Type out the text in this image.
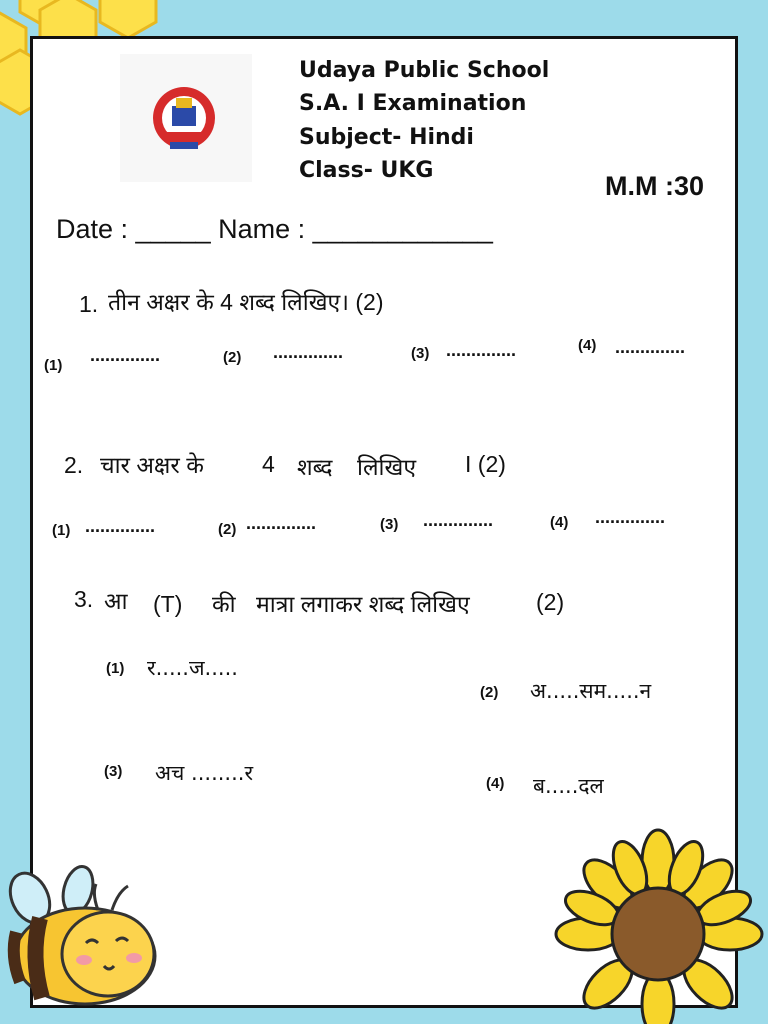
Udaya Public School
S.A. I Examination
Subject- Hindi
Class- UKG
M.M :30
Date : _____ Name : ____________
1. तीन अक्षर के 4 शब्द लिखिए। (2)
(1)
..............	(2) ..............	(3) ..............	(4) ..............
2. चार अक्षर के	4 शब्द लिखिए I (2)
(1) ..............	(2) ..............	(3) ..............	(4) ..............
3. आ (T) की मात्रा लगाकर शब्द लिखिए	(2)
(1) र.....ज.....
(2) अ.....सम.....न
(3) अच ........र	(4) ब.....दल
